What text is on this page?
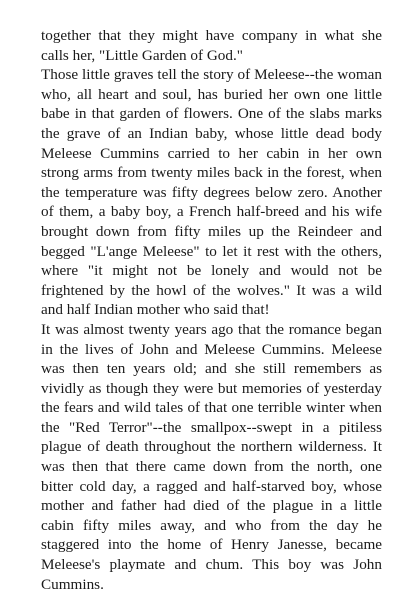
together that they might have company in what she calls her, "Little Garden of God."

Those little graves tell the story of Meleese--the woman who, all heart and soul, has buried her own one little babe in that garden of flowers. One of the slabs marks the grave of an Indian baby, whose little dead body Meleese Cummins carried to her cabin in her own strong arms from twenty miles back in the forest, when the temperature was fifty degrees below zero. Another of them, a baby boy, a French half-breed and his wife brought down from fifty miles up the Reindeer and begged "L'ange Meleese" to let it rest with the others, where "it might not be lonely and would not be frightened by the howl of the wolves." It was a wild and half Indian mother who said that!

It was almost twenty years ago that the romance began in the lives of John and Meleese Cummins. Meleese was then ten years old; and she still remembers as vividly as though they were but memories of yesterday the fears and wild tales of that one terrible winter when the "Red Terror"--the smallpox--swept in a pitiless plague of death throughout the northern wilderness. It was then that there came down from the north, one bitter cold day, a ragged and half-starved boy, whose mother and father had died of the plague in a little cabin fifty miles away, and who from the day he staggered into the home of Henry Janesse, became Meleese's playmate and chum. This boy was John Cummins.
